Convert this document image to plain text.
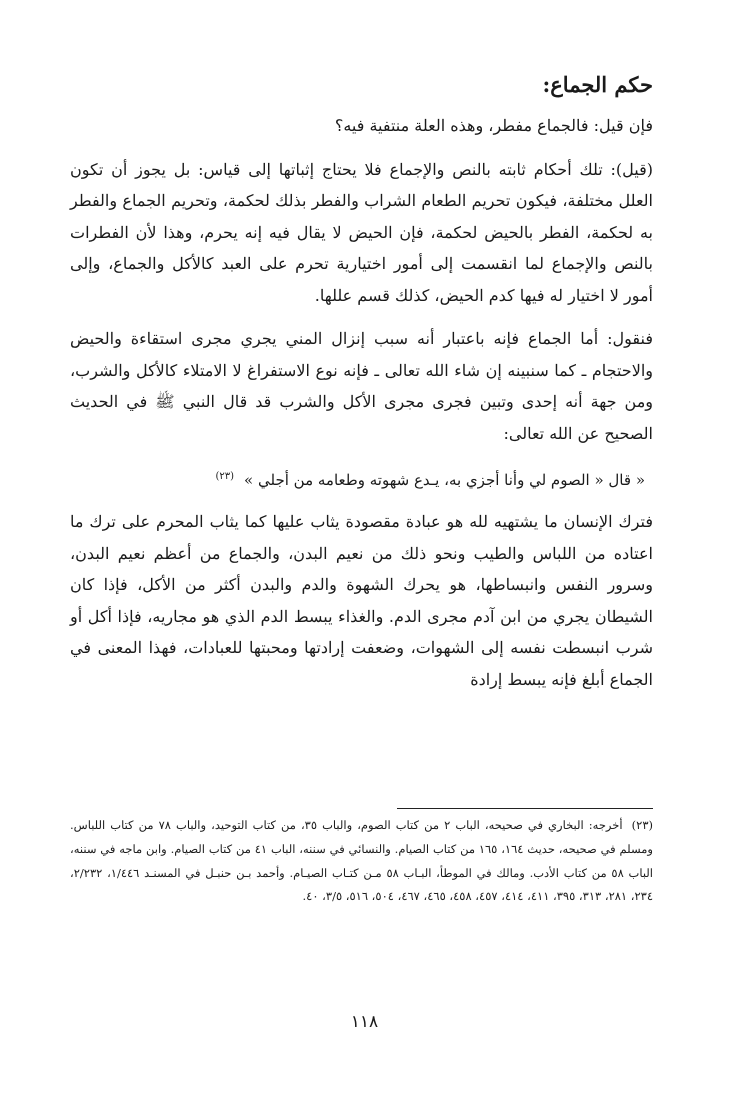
حكم الجماع:

فإن قيل: فالجماع مفطر، وهذه العلة منتفية فيه؟

(قيل): تلك أحكام ثابته بالنص والإجماع فلا يحتاج إثباتها إلى قياس: بل يجوز أن تكون العلل مختلفة، فيكون تحريم الطعام الشراب والفطر بذلك لحكمة، وتحريم الجماع والفطر به لحكمة، الفطر بالحيض لحكمة، فإن الحيض لا يقال فيه إنه يحرم، وهذا لأن الفطرات بالنص والإجماع لما انقسمت إلى أمور اختيارية تحرم على العبد كالأكل والجماع، وإلى أمور لا اختيار له فيها كدم الحيض، كذلك قسم عللها.

فنقول: أما الجماع فإنه باعتبار أنه سبب إنزال المني يجري مجرى استقاءة والحيض والاحتجام ـ كما سنبينه إن شاء الله تعالى ـ فإنه نوع الاستفراغ لا الامتلاء كالأكل والشرب، ومن جهة أنه إحدى وتبين فجرى مجرى الأكل والشرب قد قال النبي ﷺ في الحديث الصحيح عن الله تعالى:

« قال « الصوم لي وأنا أجزي به، يـدع شهوته وطعامه من أجلي »$^{(٢٣)}$

فترك الإنسان ما يشتهيه لله هو عبادة مقصودة يثاب عليها كما يثاب المحرم على ترك ما اعتاده من اللباس والطيب ونحو ذلك من نعيم البدن، والجماع من أعظم نعيم البدن، وسرور النفس وانبساطها، هو يحرك الشهوة والدم والبدن أكثر من الأكل، فإذا كان الشيطان يجري من ابن آدم مجرى الدم. والغذاء يبسط الدم الذي هو مجاريه، فإذا أكل أو شرب انبسطت نفسه إلى الشهوات، وضعفت إرادتها ومحبتها للعبادات، فهذا المعنى في الجماع أبلغ فإنه يبسط إرادة

(٢٣) أخرجه: البخاري في صحيحه، الباب ٢ من كتاب الصوم، والباب ٣٥، من كتاب التوحيد، والباب ٧٨ من كتاب اللباس. ومسلم في صحيحه، حديث ١٦٤، ١٦٥ من كتاب الصيام. والنسائي في سننه، الباب ٤١ من كتاب الصيام. وابن ماجه في سننه، الباب ٥٨ من كتاب الأدب. ومالك في الموطأ، البـاب ٥٨ مـن كتـاب الصيـام. وأحمد بـن حنبـل في المسنـد ١/٤٤٦، ٢/٢٣٢، ٢٣٤، ٢٨١، ٣١٣، ٣٩٥، ٤١١، ٤١٤، ٤٥٧، ٤٥٨، ٤٦٥، ٤٦٧، ٥٠٤، ٥١٦، ٣/٥، ٤٠.

١١٨
